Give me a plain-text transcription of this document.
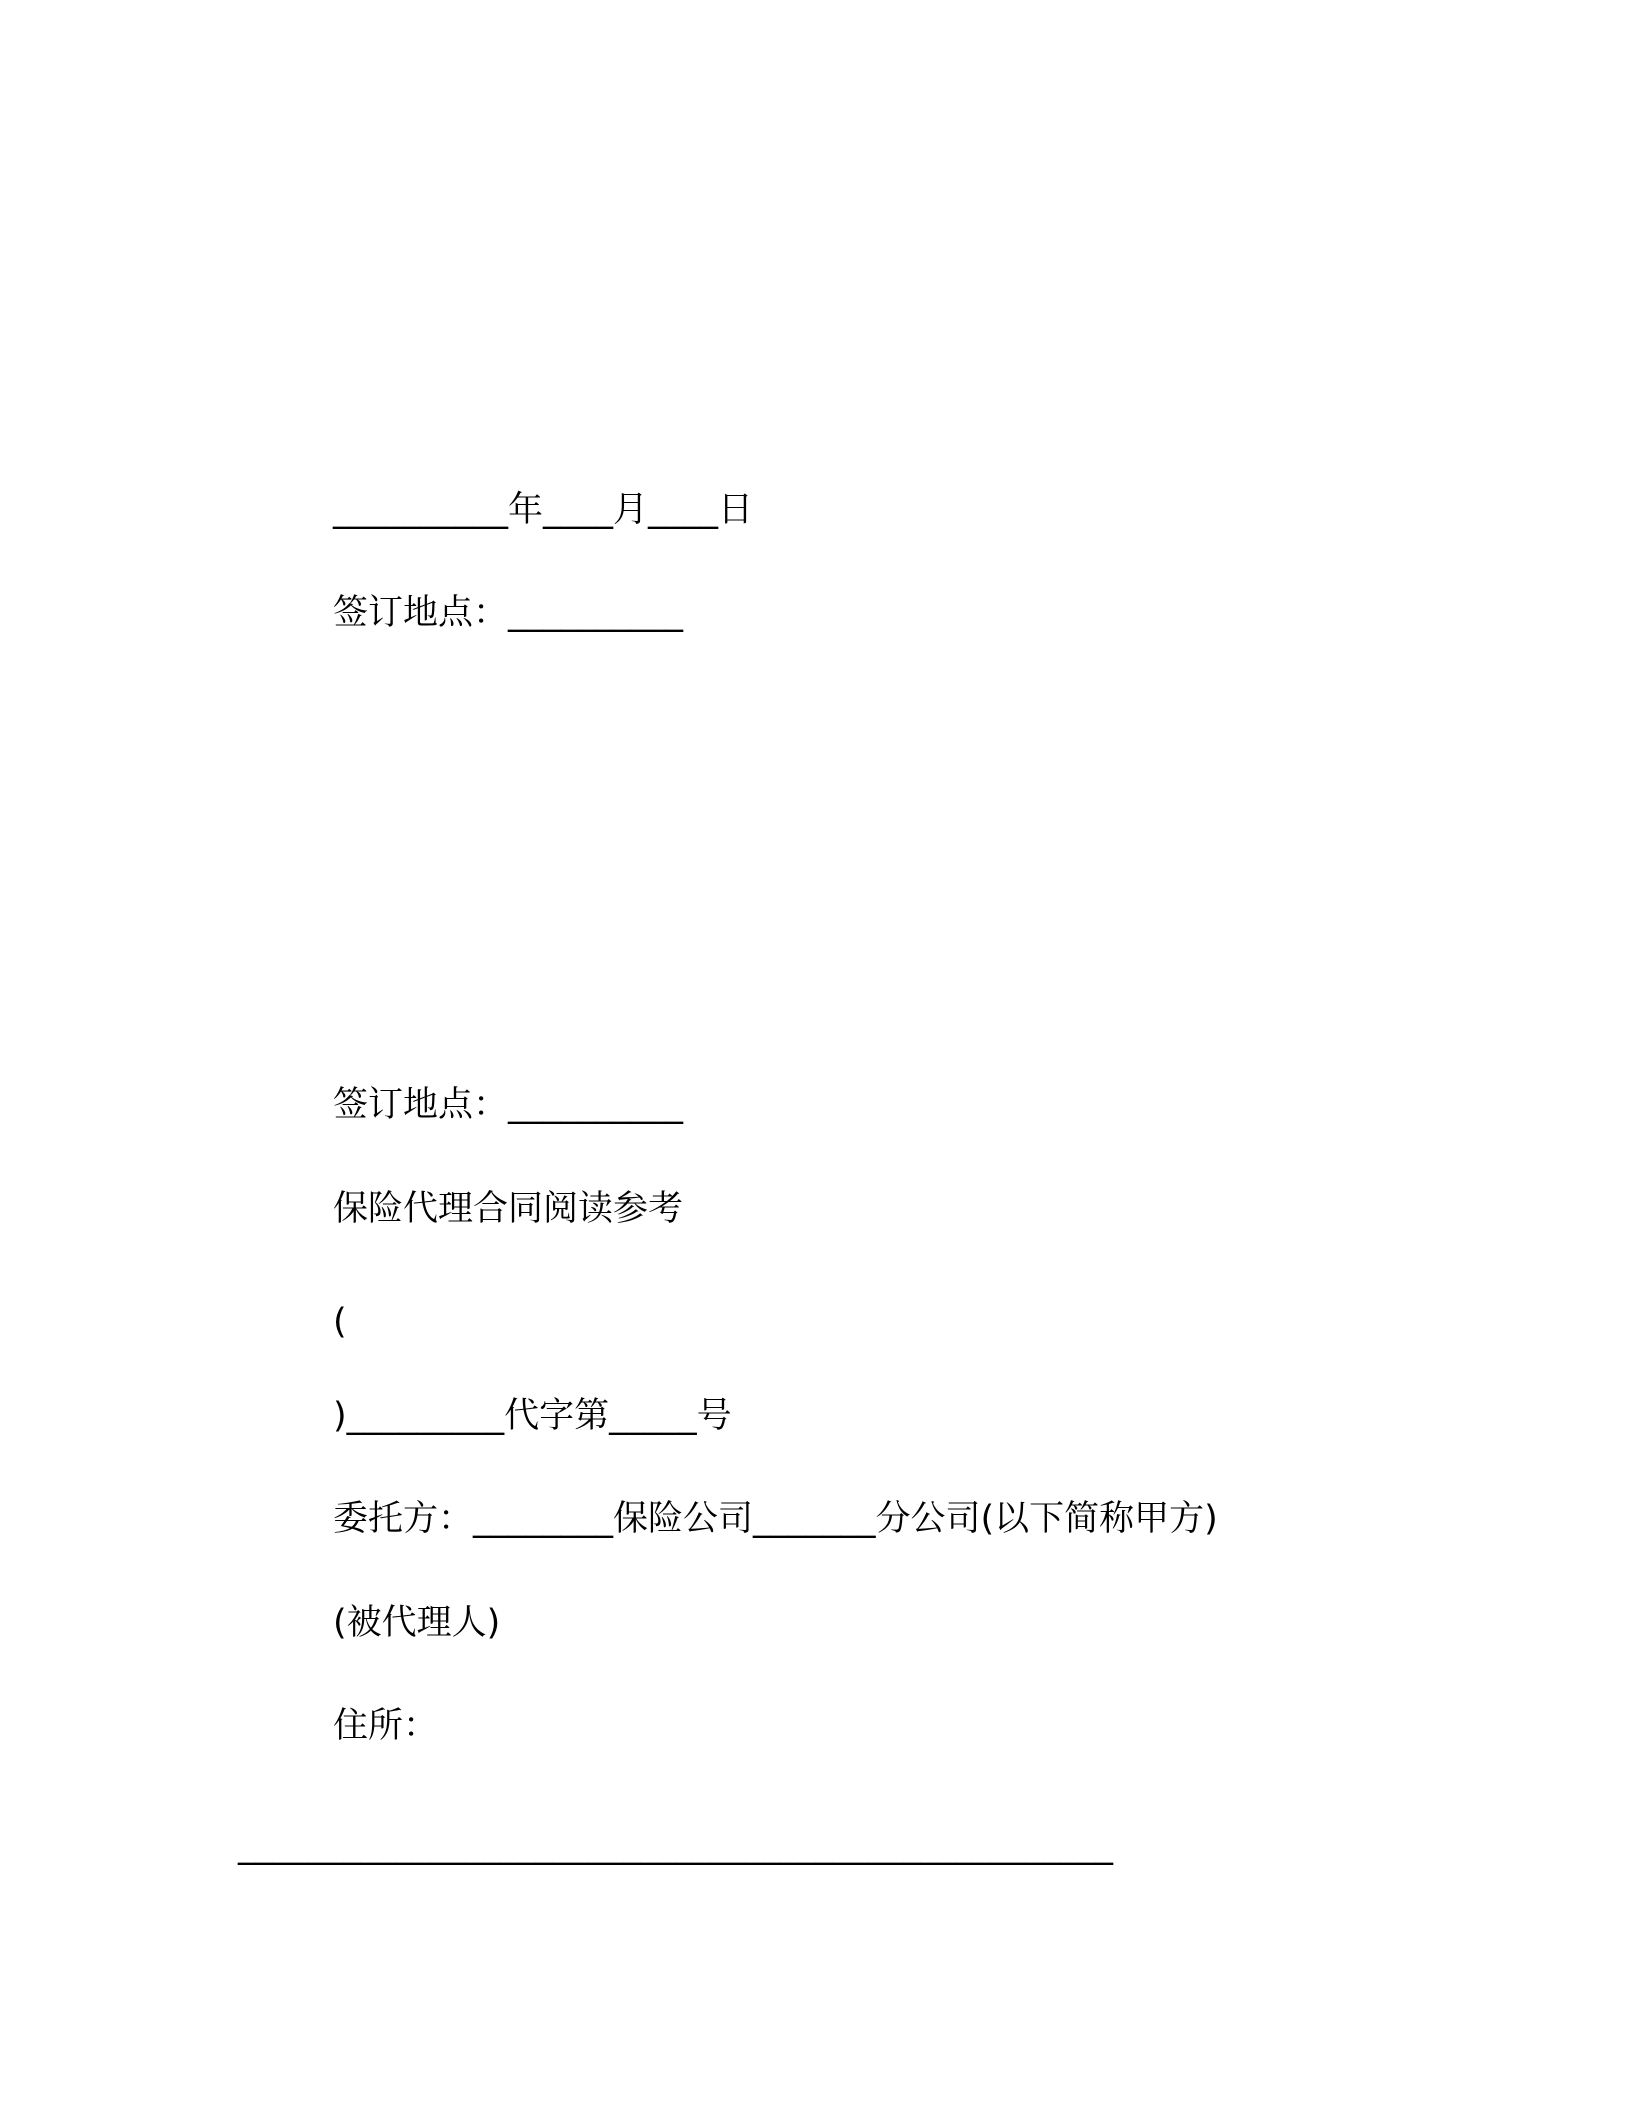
__________年____月____日
签订地点：__________
签订地点：__________
保险代理合同阅读参考
(
)_________代字第_____号
委托方：________保险公司_______分公司(以下简称甲方)
(被代理人)
住所：
__________________________________________________
